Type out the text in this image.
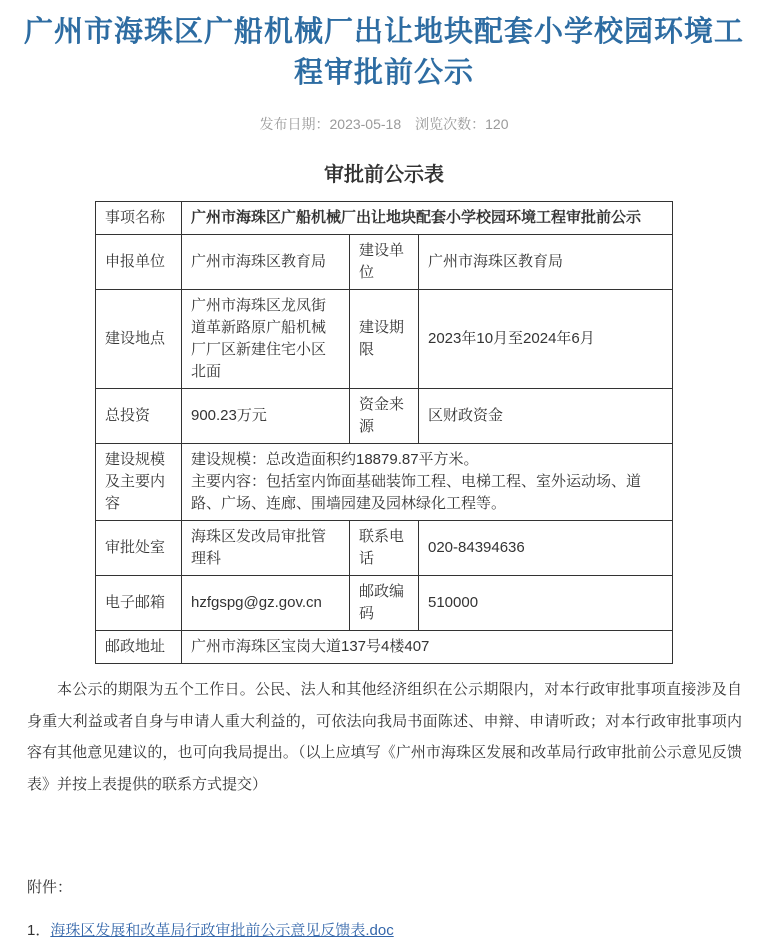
广州市海珠区广船机械厂出让地块配套小学校园环境工程审批前公示
发布日期：2023-05-18 浏览次数：120
审批前公示表
事项名称	广州市海珠区广船机械厂出让地块配套小学校园环境工程审批前公示		
申报单位	广州市海珠区教育局	建设单位	广州市海珠区教育局
建设地点	广州市海珠区龙凤街道革新路原广船机械厂厂区新建住宅小区北面	建设期限	2023年10月至2024年6月
总投资	900.23万元	资金来源	区财政资金
建设规模及主要内容	建设规模：总改造面积约18879.87平方米。
主要内容：包括室内饰面基础装饰工程、电梯工程、室外运动场、道路、广场、连廊、围墙园建及园林绿化工程等。		

审批处室	海珠区发改局审批管理科	联系电话	020-84394636
电子邮箱	hzfgspg@gz.gov.cn	邮政编码	510000
邮政地址	广州市海珠区宝岗大道137号4楼407		

本公示的期限为五个工作日。公民、法人和其他经济组织在公示期限内，对本行政审批事项直接涉及自身重大利益或者自身与申请人重大利益的，可依法向我局书面陈述、申辩、申请听政；对本行政审批事项内容有其他意见建议的，也可向我局提出。（以上应填写《广州市海珠区发展和改革局行政审批前公示意见反馈表》并按上表提供的联系方式提交）

附件：
1．海珠区发展和改革局行政审批前公示意见反馈表.doc
